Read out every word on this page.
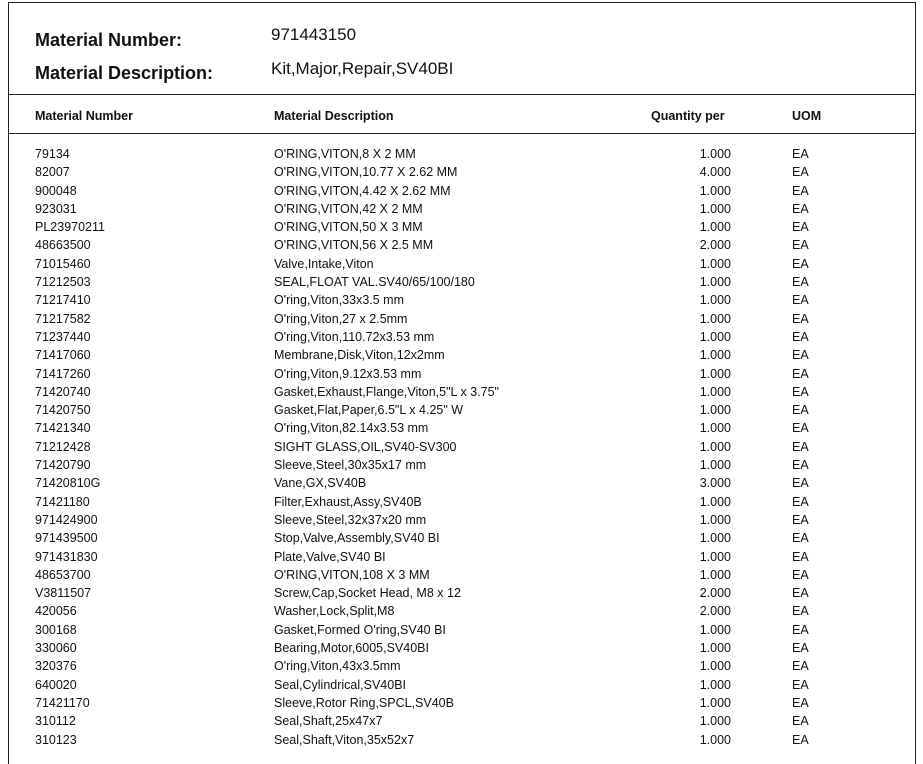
Material Number:	971443150
Material Description:	Kit,Major,Repair,SV40BI
Material Number	Material Description	Quantity per	UOM
79134	O'RING,VITON,8 X 2 MM	1.000	EA
82007	O'RING,VITON,10.77 X 2.62 MM	4.000	EA
900048	O'RING,VITON,4.42 X 2.62 MM	1.000	EA
923031	O'RING,VITON,42 X 2 MM	1.000	EA
PL23970211	O'RING,VITON,50 X 3 MM	1.000	EA
48663500	O'RING,VITON,56 X 2.5 MM	2.000	EA
71015460	Valve,Intake,Viton	1.000	EA
71212503	SEAL,FLOAT VAL.SV40/65/100/180	1.000	EA
71217410	O'ring,Viton,33x3.5 mm	1.000	EA
71217582	O'ring,Viton,27 x 2.5mm	1.000	EA
71237440	O'ring,Viton,110.72x3.53 mm	1.000	EA
71417060	Membrane,Disk,Viton,12x2mm	1.000	EA
71417260	O'ring,Viton,9.12x3.53 mm	1.000	EA
71420740	Gasket,Exhaust,Flange,Viton,5"L x 3.75"	1.000	EA
71420750	Gasket,Flat,Paper,6.5"L x 4.25" W	1.000	EA
71421340	O'ring,Viton,82.14x3.53 mm	1.000	EA
71212428	SIGHT GLASS,OIL,SV40-SV300	1.000	EA
71420790	Sleeve,Steel,30x35x17 mm	1.000	EA
71420810G	Vane,GX,SV40B	3.000	EA
71421180	Filter,Exhaust,Assy,SV40B	1.000	EA
971424900	Sleeve,Steel,32x37x20 mm	1.000	EA
971439500	Stop,Valve,Assembly,SV40 BI	1.000	EA
971431830	Plate,Valve,SV40 BI	1.000	EA
48653700	O'RING,VITON,108 X 3 MM	1.000	EA
V3811507	Screw,Cap,Socket Head, M8 x 12	2.000	EA
420056	Washer,Lock,Split,M8	2.000	EA
300168	Gasket,Formed O'ring,SV40 BI	1.000	EA
330060	Bearing,Motor,6005,SV40BI	1.000	EA
320376	O'ring,Viton,43x3.5mm	1.000	EA
640020	Seal,Cylindrical,SV40BI	1.000	EA
71421170	Sleeve,Rotor Ring,SPCL,SV40B	1.000	EA
310112	Seal,Shaft,25x47x7	1.000	EA
310123	Seal,Shaft,Viton,35x52x7	1.000	EA
